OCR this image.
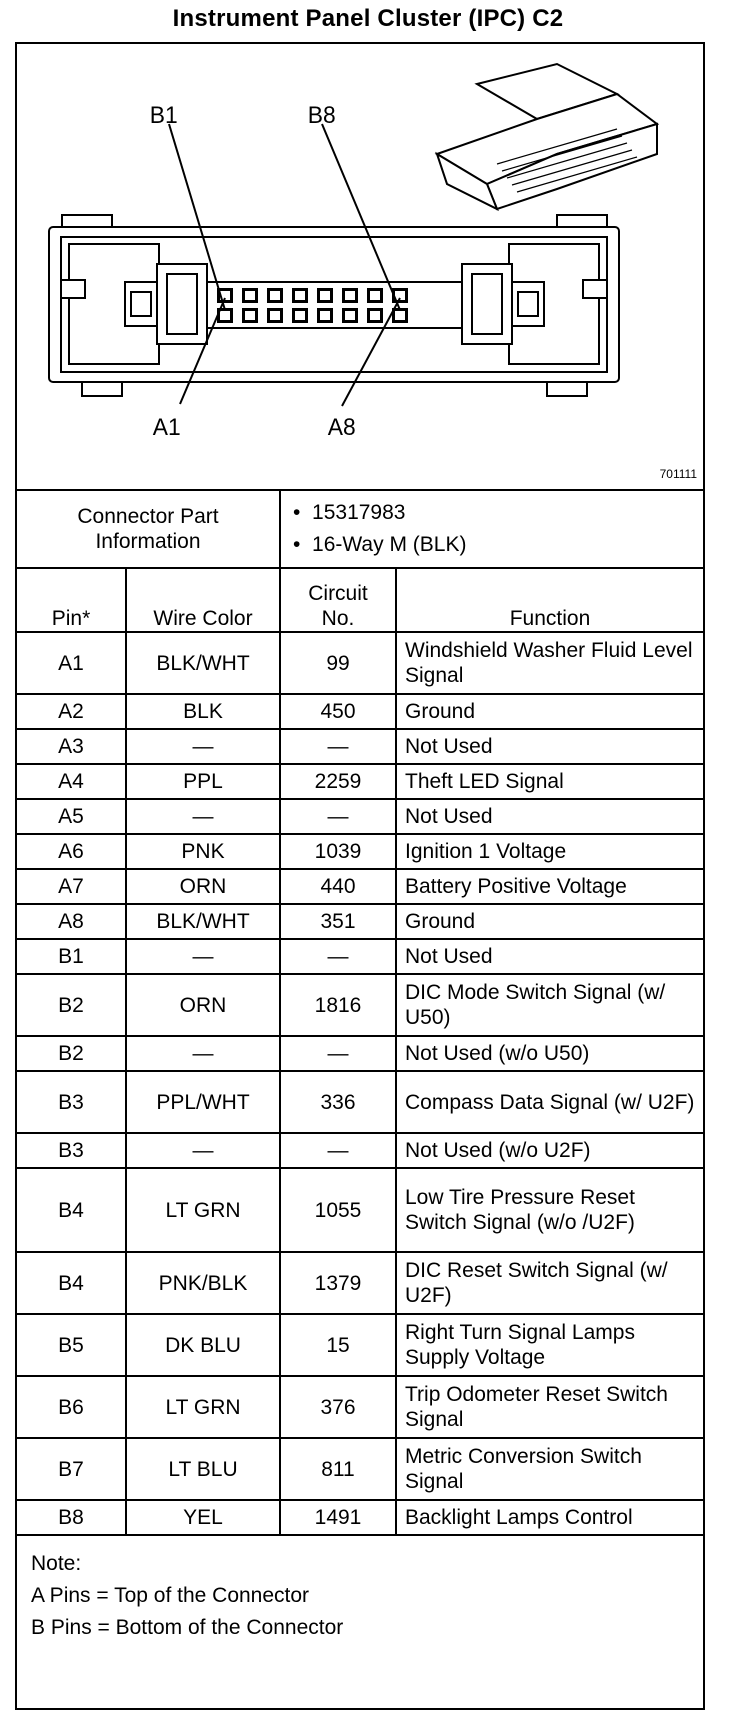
Instrument Panel Cluster (IPC) C2
B1	B8
A1	A8
701111
Connector Part Information		•  15317983
•  16-Way M (BLK)	

Pin*	Wire Color	Circuit No.	Function
A1	BLK/WHT	99	Windshield Washer Fluid Level Signal
A2	BLK	450	Ground
A3	—	—	Not Used
A4	PPL	2259	Theft LED Signal
A5	—	—	Not Used
A6	PNK	1039	Ignition 1 Voltage
A7	ORN	440	Battery Positive Voltage
A8	BLK/WHT	351	Ground
B1	—	—	Not Used
B2	ORN	1816	DIC Mode Switch Signal (w/ U50)
B2	—	—	Not Used (w/o U50)
B3	PPL/WHT	336	Compass Data Signal (w/ U2F)
B3	—	—	Not Used (w/o U2F)
B4	LT GRN	1055	Low Tire Pressure Reset Switch Signal (w/o /U2F)
B4	PNK/BLK	1379	DIC Reset Switch Signal (w/ U2F)
B5	DK BLU	15	Right Turn Signal Lamps Supply Voltage
B6	LT GRN	376	Trip Odometer Reset Switch Signal
B7	LT BLU	811	Metric Conversion Switch Signal
B8	YEL	1491	Backlight Lamps Control

Note:
A Pins = Top of the Connector
B Pins = Bottom of the Connector			
